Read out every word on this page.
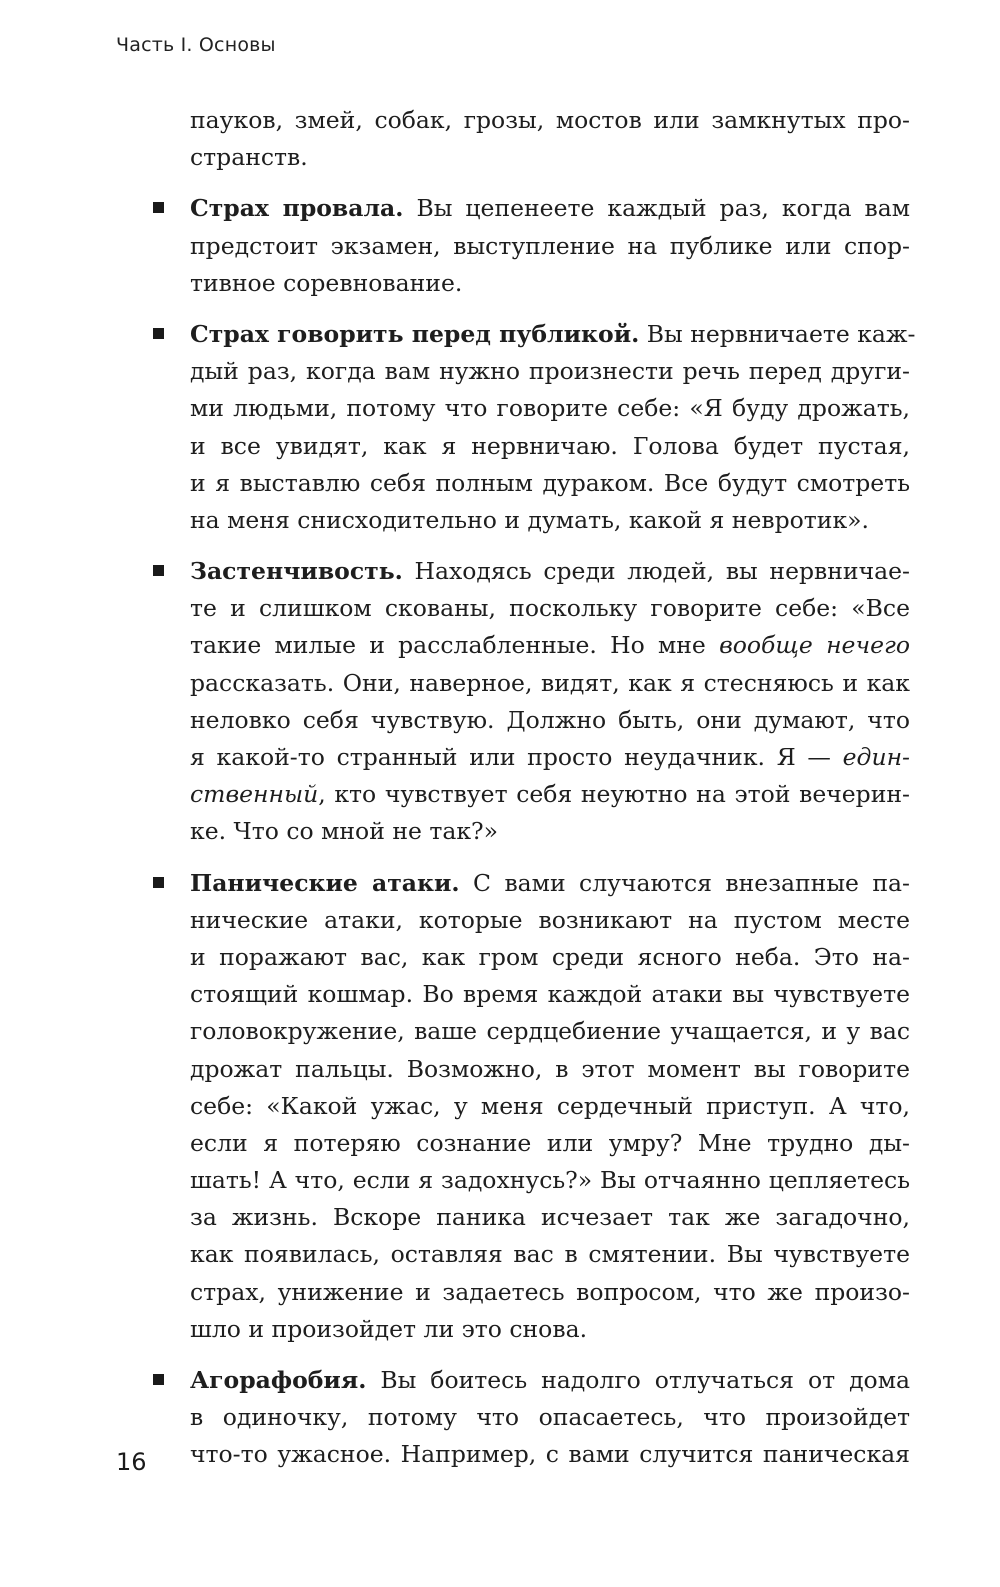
Часть I. Основы
пауков, змей, собак, грозы, мостов или замкнутых про-
странств.
Страх провала. Вы цепенеете каждый раз, когда вам
предстоит экзамен, выступление на публике или спор-
тивное соревнование.
Страх говорить перед публикой. Вы нервничаете каж-
дый раз, когда вам нужно произнести речь перед други-
ми людьми, потому что говорите себе: «Я буду дрожать,
и все увидят, как я нервничаю. Голова будет пустая,
и я выставлю себя полным дураком. Все будут смотреть
на меня снисходительно и думать, какой я невротик».
Застенчивость. Находясь среди людей, вы нервничае-
те и слишком скованы, поскольку говорите себе: «Все
такие милые и расслабленные. Но мне вообще нечего
рассказать. Они, наверное, видят, как я стесняюсь и как
неловко себя чувствую. Должно быть, они думают, что
я какой-то странный или просто неудачник. Я — един-
ственный, кто чувствует себя неуютно на этой вечерин-
ке. Что со мной не так?»
Панические атаки. С вами случаются внезапные па-
нические атаки, которые возникают на пустом месте
и поражают вас, как гром среди ясного неба. Это на-
стоящий кошмар. Во время каждой атаки вы чувствуете
головокружение, ваше сердцебиение учащается, и у вас
дрожат пальцы. Возможно, в этот момент вы говорите
себе: «Какой ужас, у меня сердечный приступ. А что,
если я потеряю сознание или умру? Мне трудно ды-
шать! А что, если я задохнусь?» Вы отчаянно цепляетесь
за жизнь. Вскоре паника исчезает так же загадочно,
как появилась, оставляя вас в смятении. Вы чувствуете
страх, унижение и задаетесь вопросом, что же произо-
шло и произойдет ли это снова.
Агорафобия. Вы боитесь надолго отлучаться от дома
в одиночку, потому что опасаетесь, что произойдет
что-то ужасное. Например, с вами случится паническая
16
